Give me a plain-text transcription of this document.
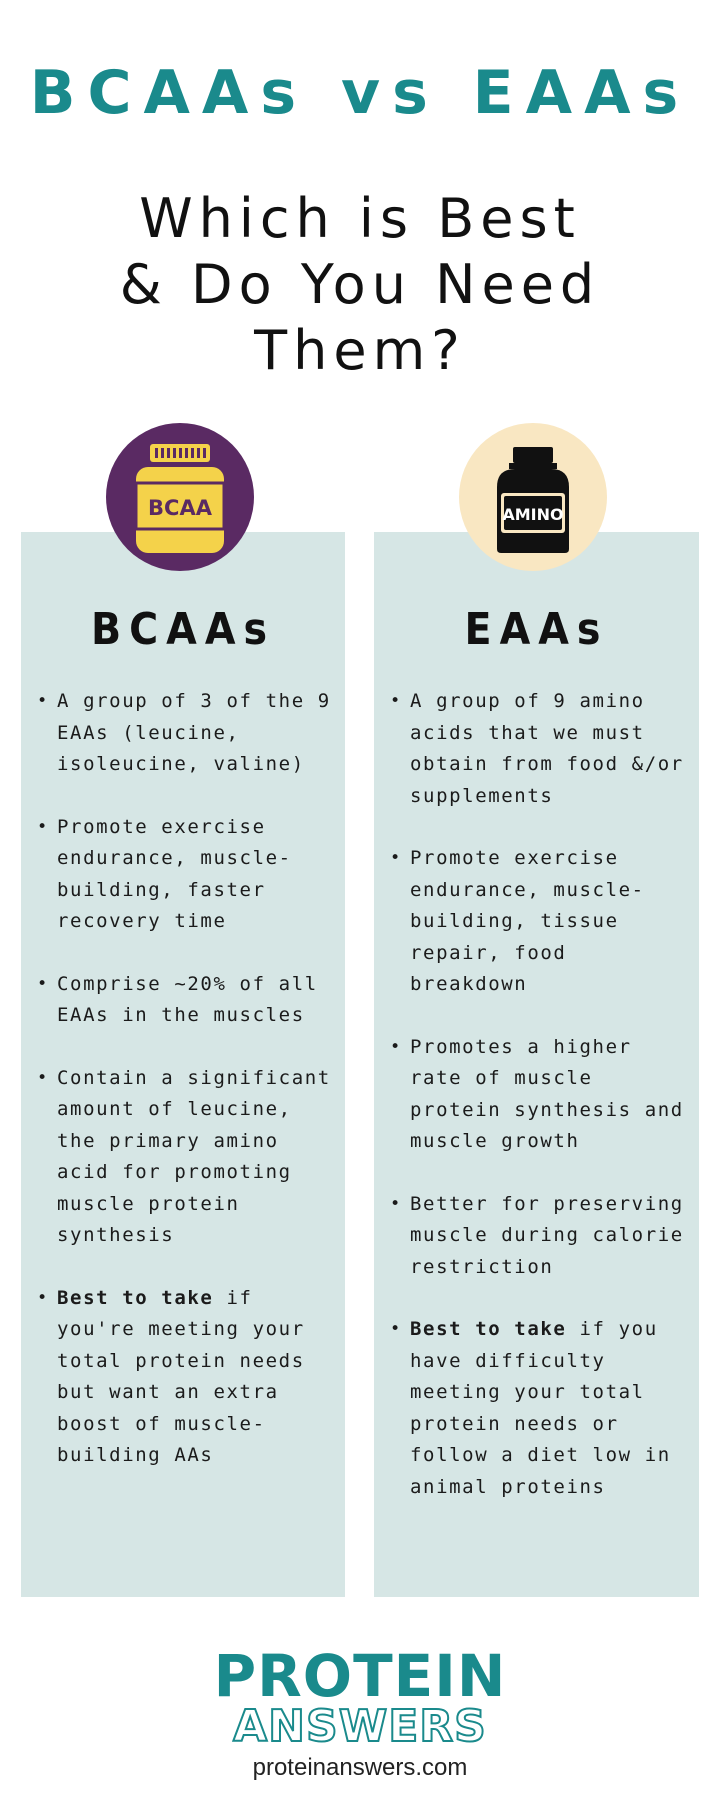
BCAAs vs EAAs
Which is Best
& Do You Need
Them?
BCAAs
• A group of 3 of the 9 EAAs (leucine, isoleucine, valine)
• Promote exercise endurance, muscle-building, faster recovery time
• Comprise ~20% of all EAAs in the muscles
• Contain a significant amount of leucine, the primary amino acid for promoting muscle protein synthesis
• Best to take if you're meeting your total protein needs but want an extra boost of muscle-building AAs
EAAs
• A group of 9 amino acids that we must obtain from food &/or supplements
• Promote exercise endurance, muscle-building, tissue repair, food breakdown
• Promotes a higher rate of muscle protein synthesis and muscle growth
• Better for preserving muscle during calorie restriction
• Best to take if you have difficulty meeting your total protein needs or follow a diet low in animal proteins
BCAA	AMINO
PROTEIN
ANSWERS
proteinanswers.com
